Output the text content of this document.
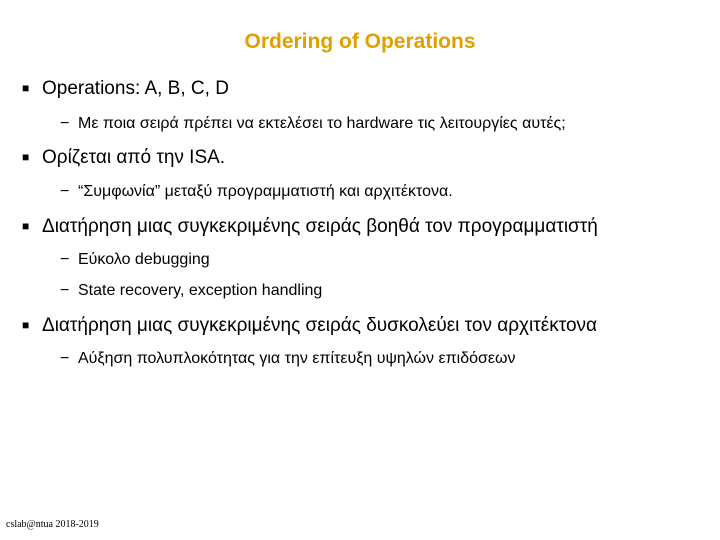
Ordering of Operations
■ Operations: A, B, C, D
− Με ποια σειρά πρέπει να εκτελέσει το hardware τις λειτουργίες αυτές;
■ Ορίζεται από την ISA.
− “Συμφωνία” μεταξύ προγραμματιστή και αρχιτέκτονα.
■ Διατήρηση μιας συγκεκριμένης σειράς βοηθά τον προγραμματιστή
− Εύκολο debugging
− State recovery, exception handling
■ Διατήρηση μιας συγκεκριμένης σειράς δυσκολεύει τον αρχιτέκτονα
− Αύξηση πολυπλοκότητας για την επίτευξη υψηλών επιδόσεων
cslab@ntua 2018-2019
